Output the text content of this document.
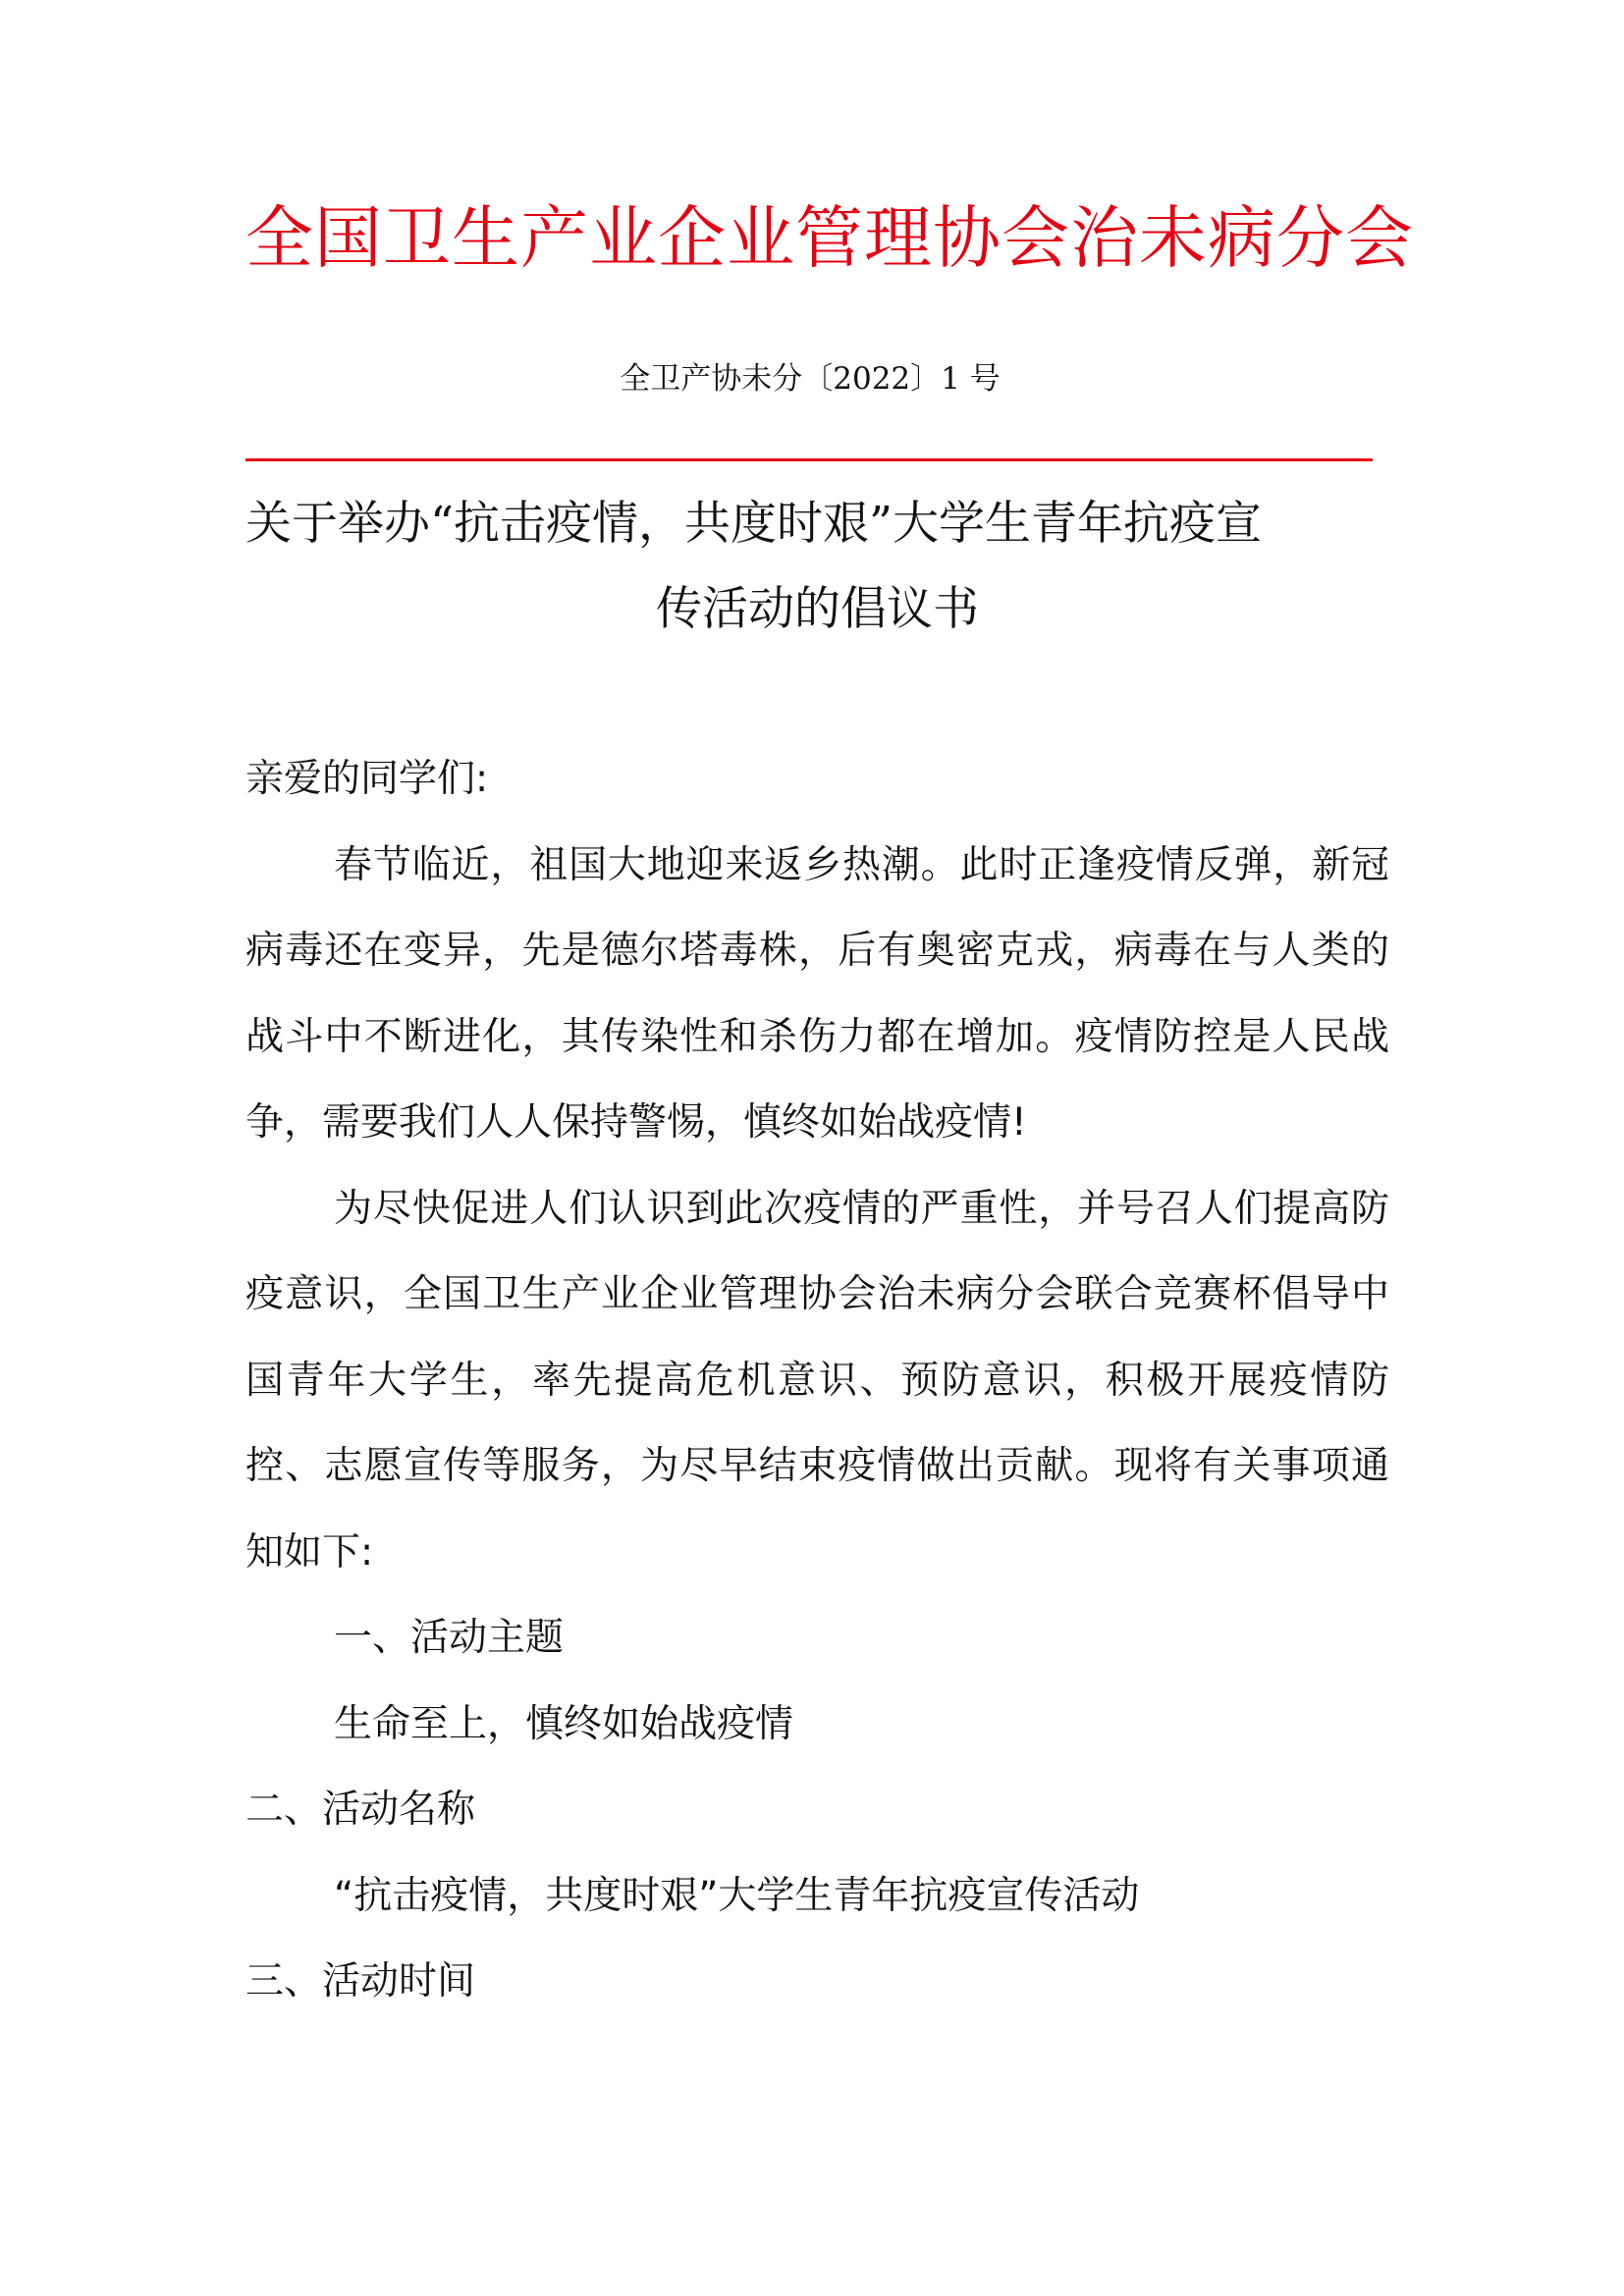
全国卫生产业企业管理协会治未病分会
全卫产协未分〔2022〕1 号
关于举办“抗击疫情，共度时艰”大学生青年抗疫宣
传活动的倡议书

亲爱的同学们:

春节临近，祖国大地迎来返乡热潮。此时正逢疫情反弹，新冠病毒还在变异，先是德尔塔毒株，后有奥密克戎，病毒在与人类的战斗中不断进化，其传染性和杀伤力都在增加。疫情防控是人民战争，需要我们人人保持警惕，慎终如始战疫情!

为尽快促进人们认识到此次疫情的严重性，并号召人们提高防疫意识，全国卫生产业企业管理协会治未病分会联合竞赛杯倡导中国青年大学生，率先提高危机意识、预防意识，积极开展疫情防控、志愿宣传等服务，为尽早结束疫情做出贡献。现将有关事项通知如下:

一、活动主题

生命至上，慎终如始战疫情

二、活动名称

“抗击疫情，共度时艰”大学生青年抗疫宣传活动

三、活动时间
